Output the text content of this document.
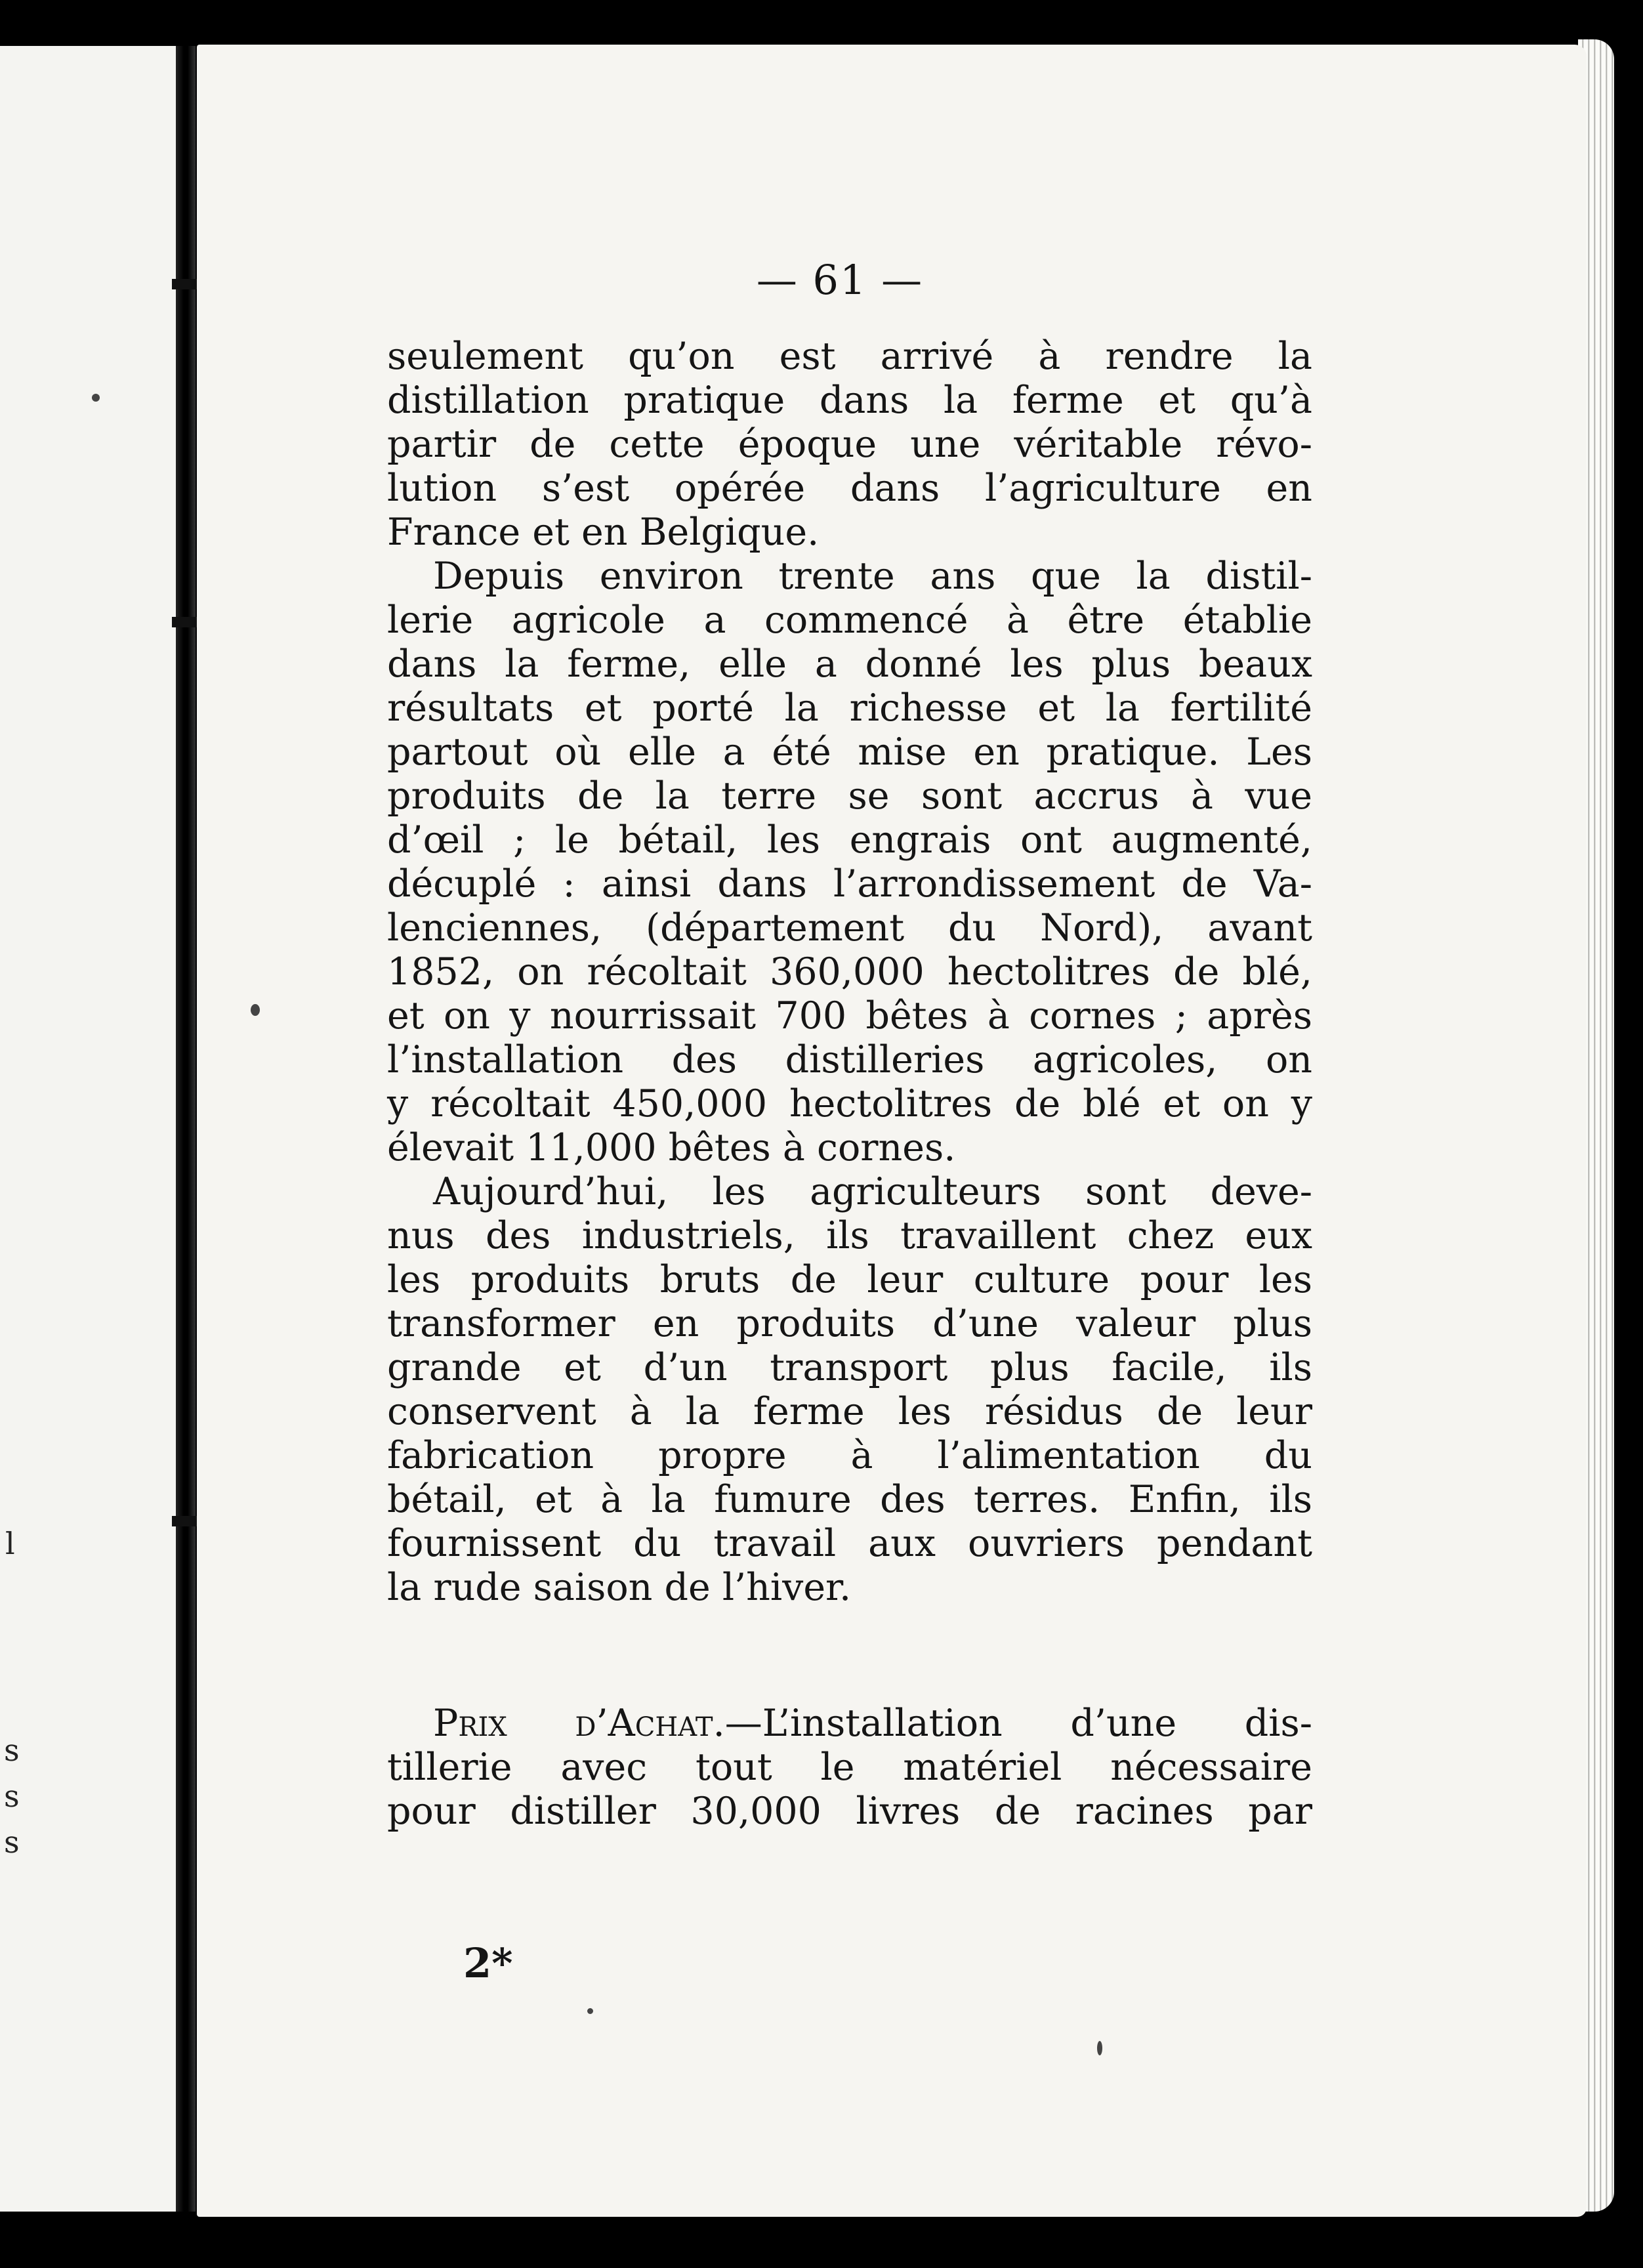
l
s
s
s
— 61 —
seulement qu’on est arrivé à rendre la
distillation pratique dans la ferme et qu’à
partir de cette époque une véritable révo-
lution s’est opérée dans l’agriculture en
France et en Belgique.
Depuis environ trente ans que la distil-
lerie agricole a commencé à être établie
dans la ferme, elle a donné les plus beaux
résultats et porté la richesse et la fertilité
partout où elle a été mise en pratique. Les
produits de la terre se sont accrus à vue
d’œil ; le bétail, les engrais ont augmenté,
décuplé : ainsi dans l’arrondissement de Va-
lenciennes, (département du Nord), avant
1852, on récoltait 360,000 hectolitres de blé,
et on y nourrissait 700 bêtes à cornes ; après
l’installation des distilleries agricoles, on
y récoltait 450,000 hectolitres de blé et on y
élevait 11,000 bêtes à cornes.
Aujourd’hui, les agriculteurs sont deve-
nus des industriels, ils travaillent chez eux
les produits bruts de leur culture pour les
transformer en produits d’une valeur plus
grande et d’un transport plus facile, ils
conservent à la ferme les résidus de leur
fabrication propre à l’alimentation du
bétail, et à la fumure des terres. Enfin, ils
fournissent du travail aux ouvriers pendant
la rude saison de l’hiver.
Prix d’Achat.—L’installation d’une dis-
tillerie avec tout le matériel nécessaire
pour distiller 30,000 livres de racines par
2*
